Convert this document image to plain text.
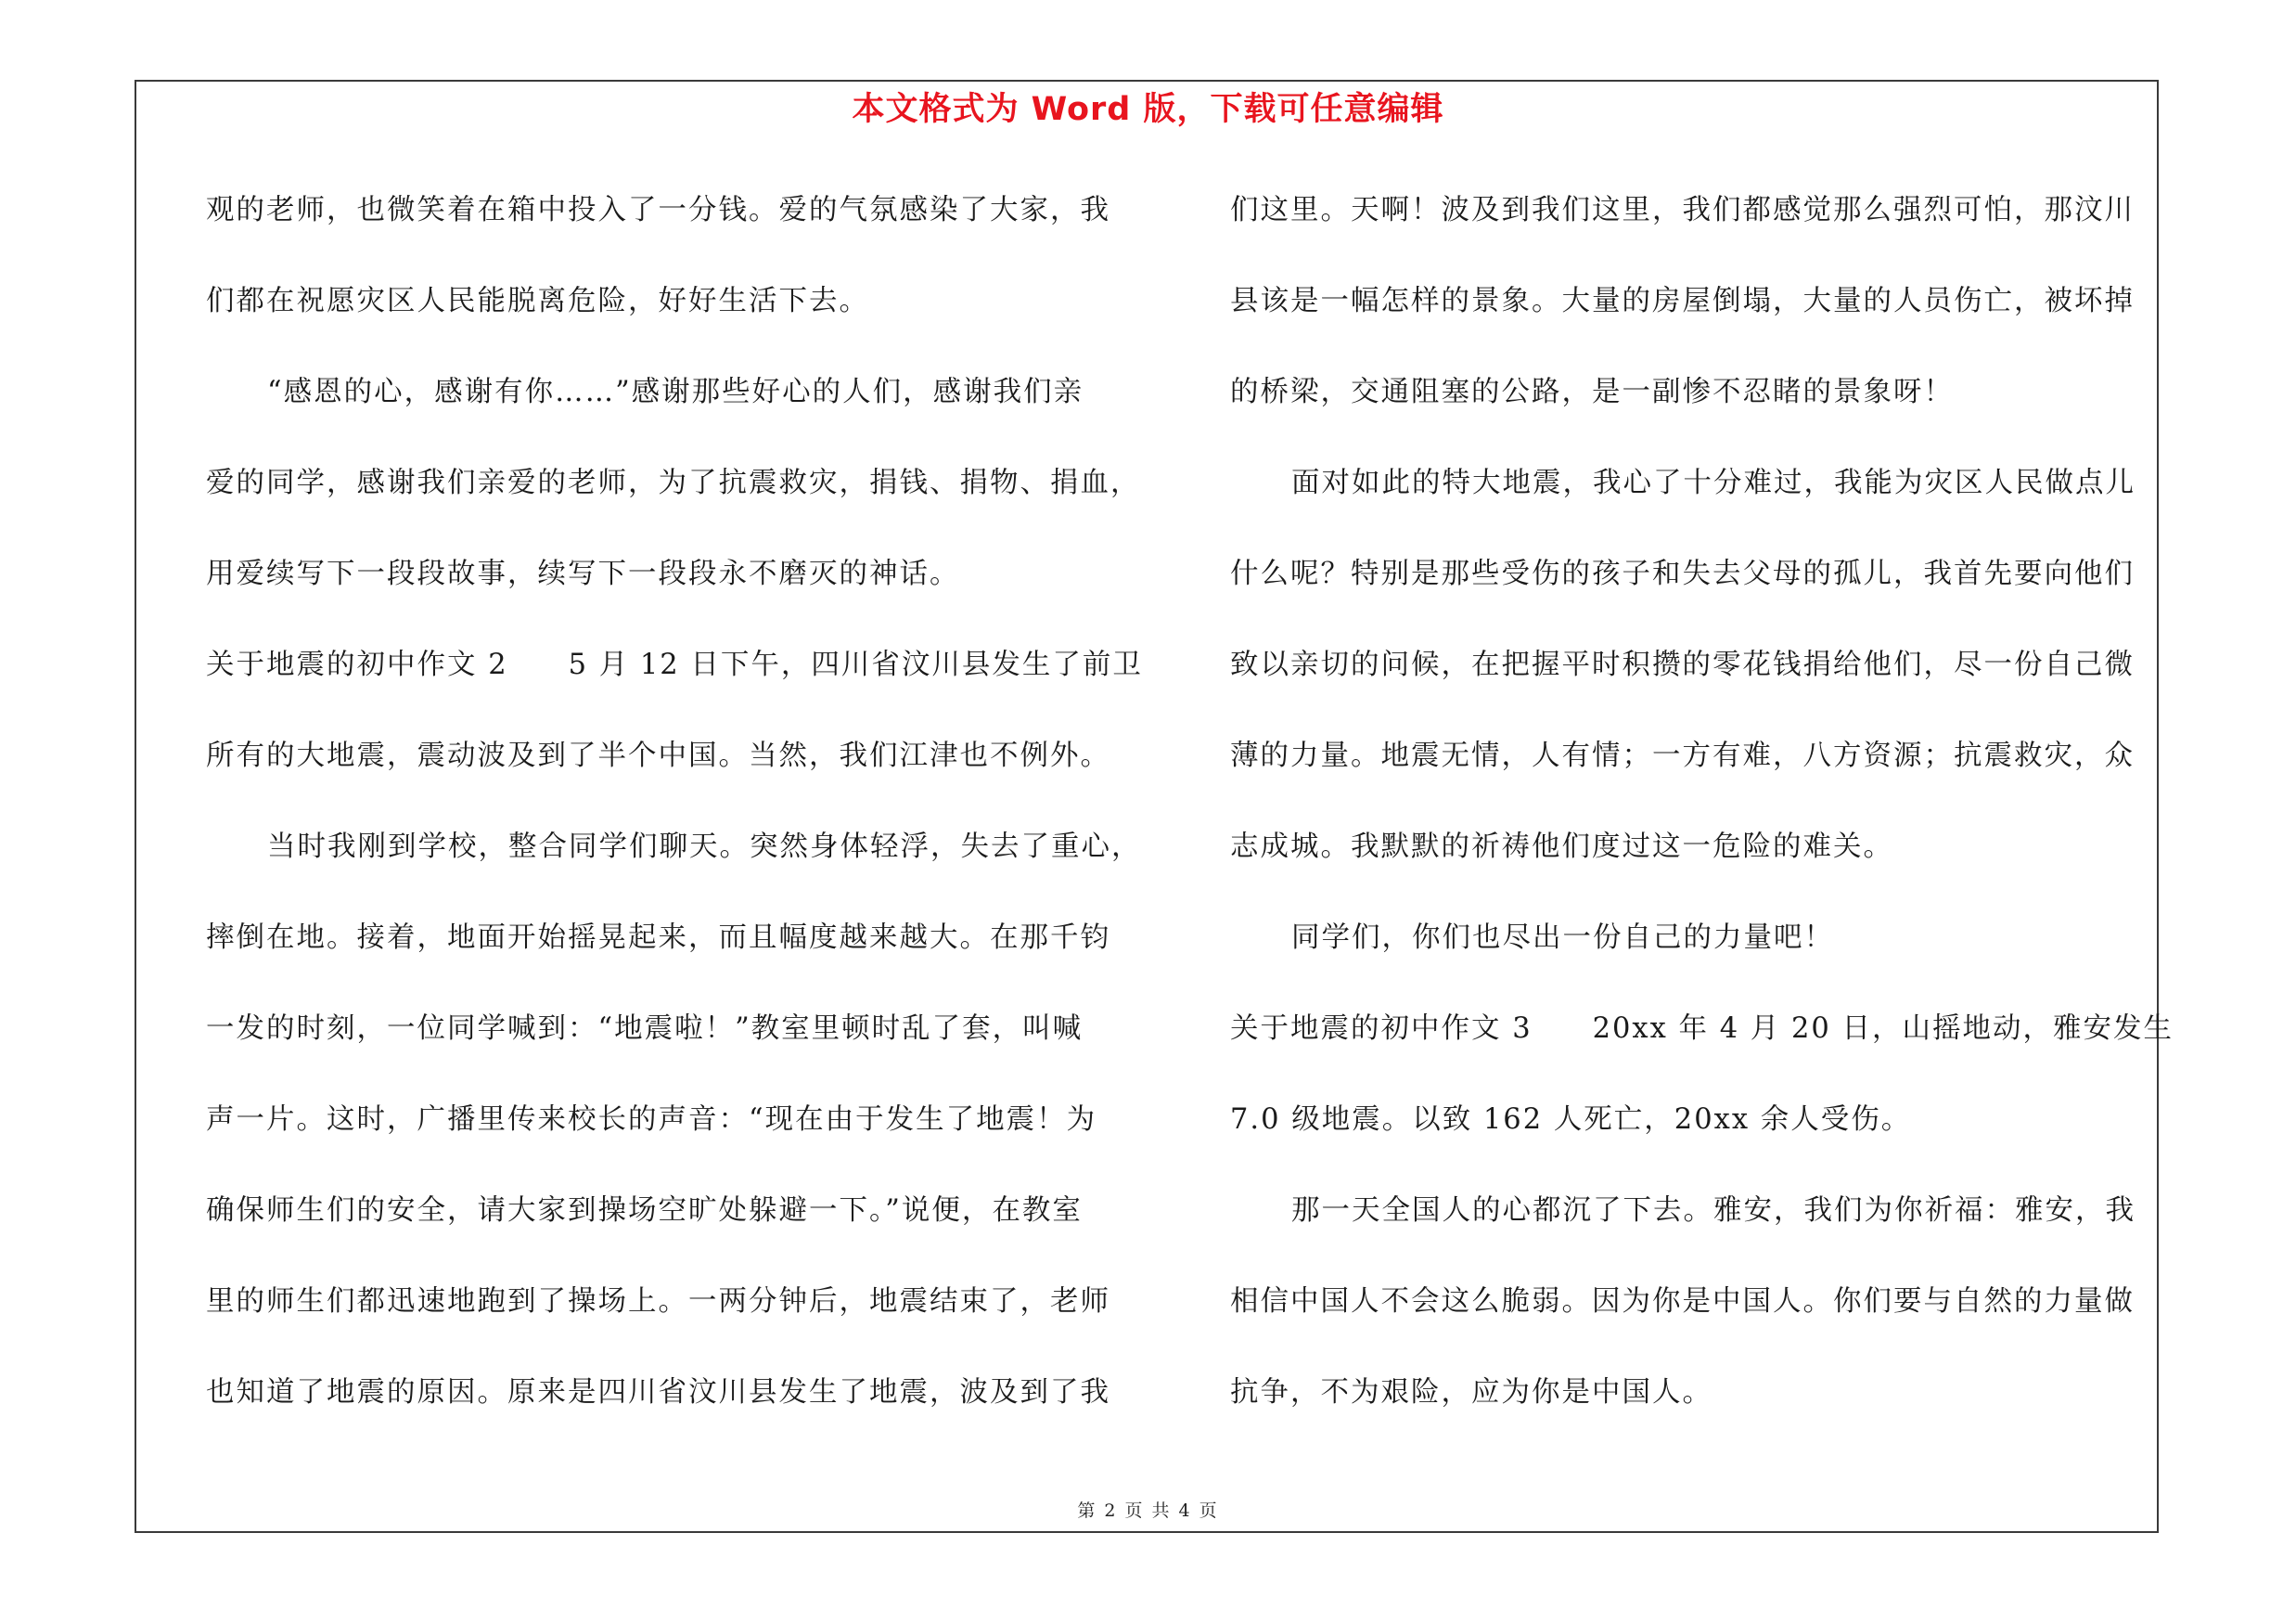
本文格式为 Word 版，下载可任意编辑
观的老师，也微笑着在箱中投入了一分钱。爱的气氛感染了大家，我
们都在祝愿灾区人民能脱离危险，好好生活下去。
“感恩的心，感谢有你……”感谢那些好心的人们，感谢我们亲
爱的同学，感谢我们亲爱的老师，为了抗震救灾，捐钱、捐物、捐血，
用爱续写下一段段故事，续写下一段段永不磨灭的神话。
关于地震的初中作文 2　　5 月 12 日下午，四川省汶川县发生了前卫
所有的大地震，震动波及到了半个中国。当然，我们江津也不例外。
当时我刚到学校，整合同学们聊天。突然身体轻浮，失去了重心，
摔倒在地。接着，地面开始摇晃起来，而且幅度越来越大。在那千钧
一发的时刻，一位同学喊到：“地震啦！”教室里顿时乱了套，叫喊
声一片。这时，广播里传来校长的声音：“现在由于发生了地震！为
确保师生们的安全，请大家到操场空旷处躲避一下。”说便，在教室
里的师生们都迅速地跑到了操场上。一两分钟后，地震结束了，老师
也知道了地震的原因。原来是四川省汶川县发生了地震，波及到了我
们这里。天啊！波及到我们这里，我们都感觉那么强烈可怕，那汶川
县该是一幅怎样的景象。大量的房屋倒塌，大量的人员伤亡，被坏掉
的桥梁，交通阻塞的公路，是一副惨不忍睹的景象呀！
面对如此的特大地震，我心了十分难过，我能为灾区人民做点儿
什么呢？特别是那些受伤的孩子和失去父母的孤儿，我首先要向他们
致以亲切的问候，在把握平时积攒的零花钱捐给他们，尽一份自己微
薄的力量。地震无情，人有情；一方有难，八方资源；抗震救灾，众
志成城。我默默的祈祷他们度过这一危险的难关。
同学们，你们也尽出一份自己的力量吧！
关于地震的初中作文 3　　20xx 年 4 月 20 日，山摇地动，雅安发生
7.0 级地震。以致 162 人死亡，20xx 余人受伤。
那一天全国人的心都沉了下去。雅安，我们为你祈福：雅安，我
相信中国人不会这么脆弱。因为你是中国人。你们要与自然的力量做
抗争，不为艰险，应为你是中国人。
第 2 页 共 4 页
